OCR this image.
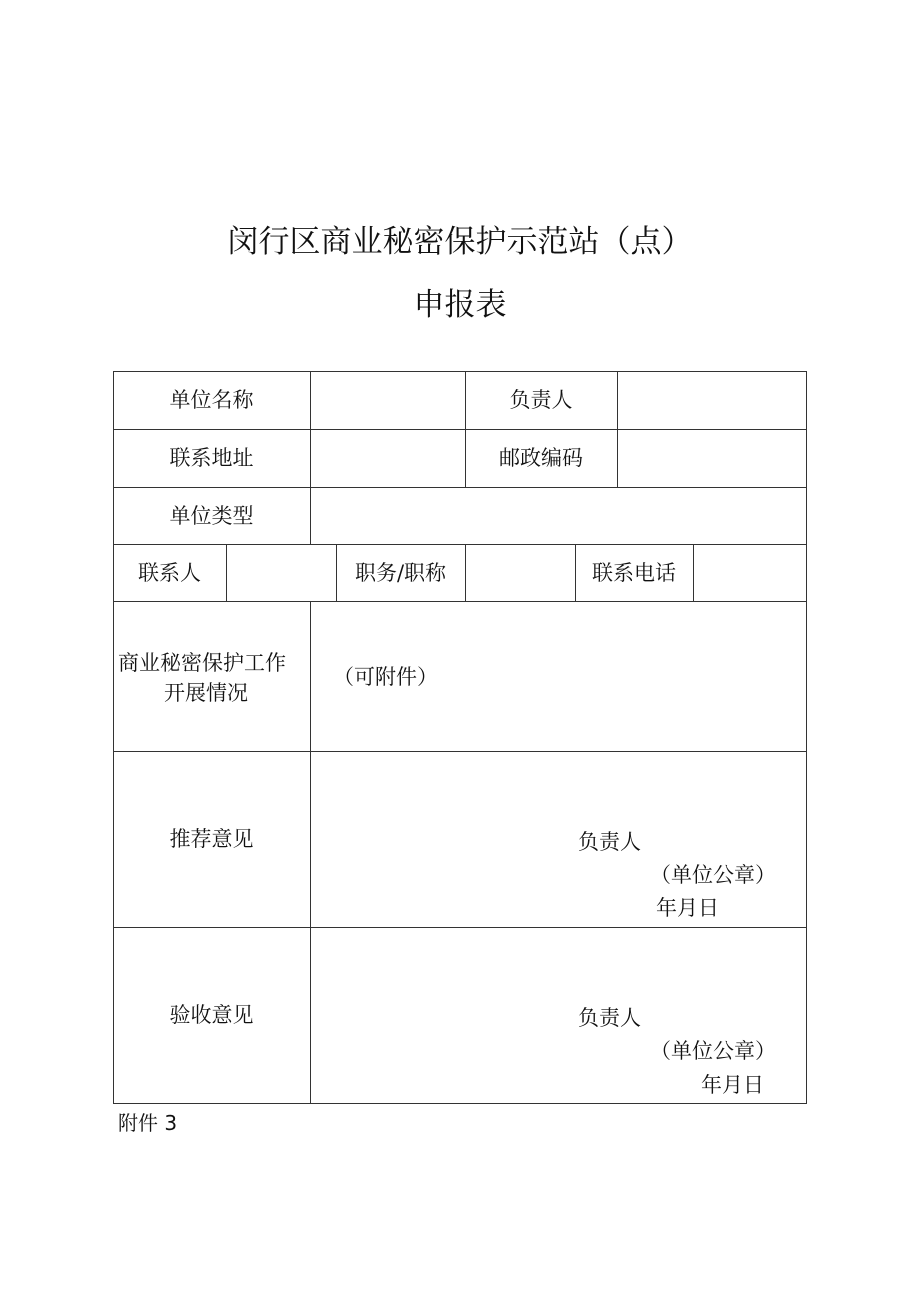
闵行区商业秘密保护示范站（点）
申报表
单位名称	负责人
联系地址	邮政编码
单位类型
联系人	职务/职称	联系电话
商业秘密保护工作
开展情况
（可附件）
推荐意见	负责人
（单位公章）
年月日
验收意见	负责人
（单位公章）
年月日
附件 3
